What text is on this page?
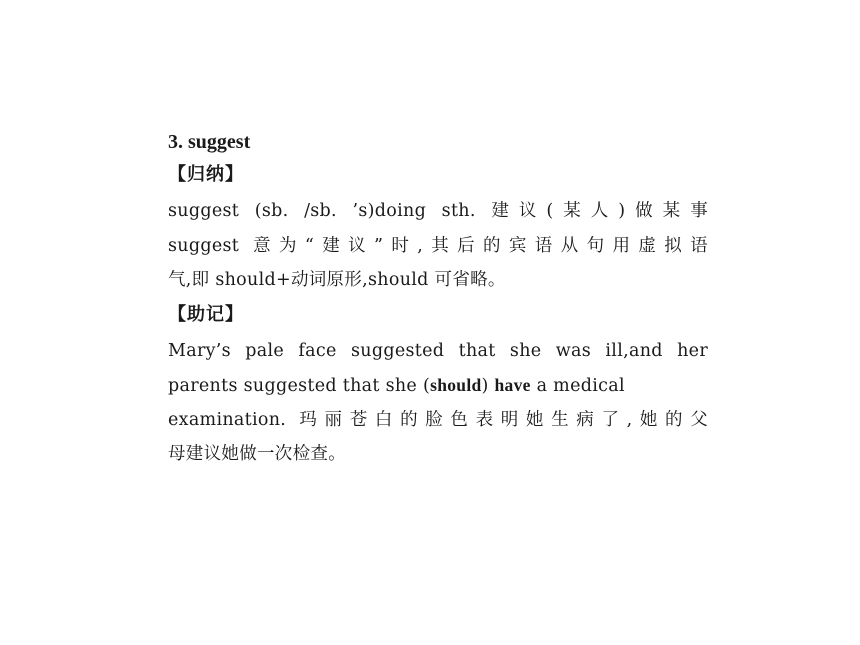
3. suggest
【归纳】
suggest (sb. /sb. ’s)doing sth. 建议(某人)做某事
suggest 意为“建议”时,其后的宾语从句用虚拟语
气,即 should+动词原形,should 可省略。
【助记】
Mary’s pale face suggested that she was ill,and her
parents suggested that she (should) have a medical
examination. 玛丽苍白的脸色表明她生病了,她的父
母建议她做一次检查。
